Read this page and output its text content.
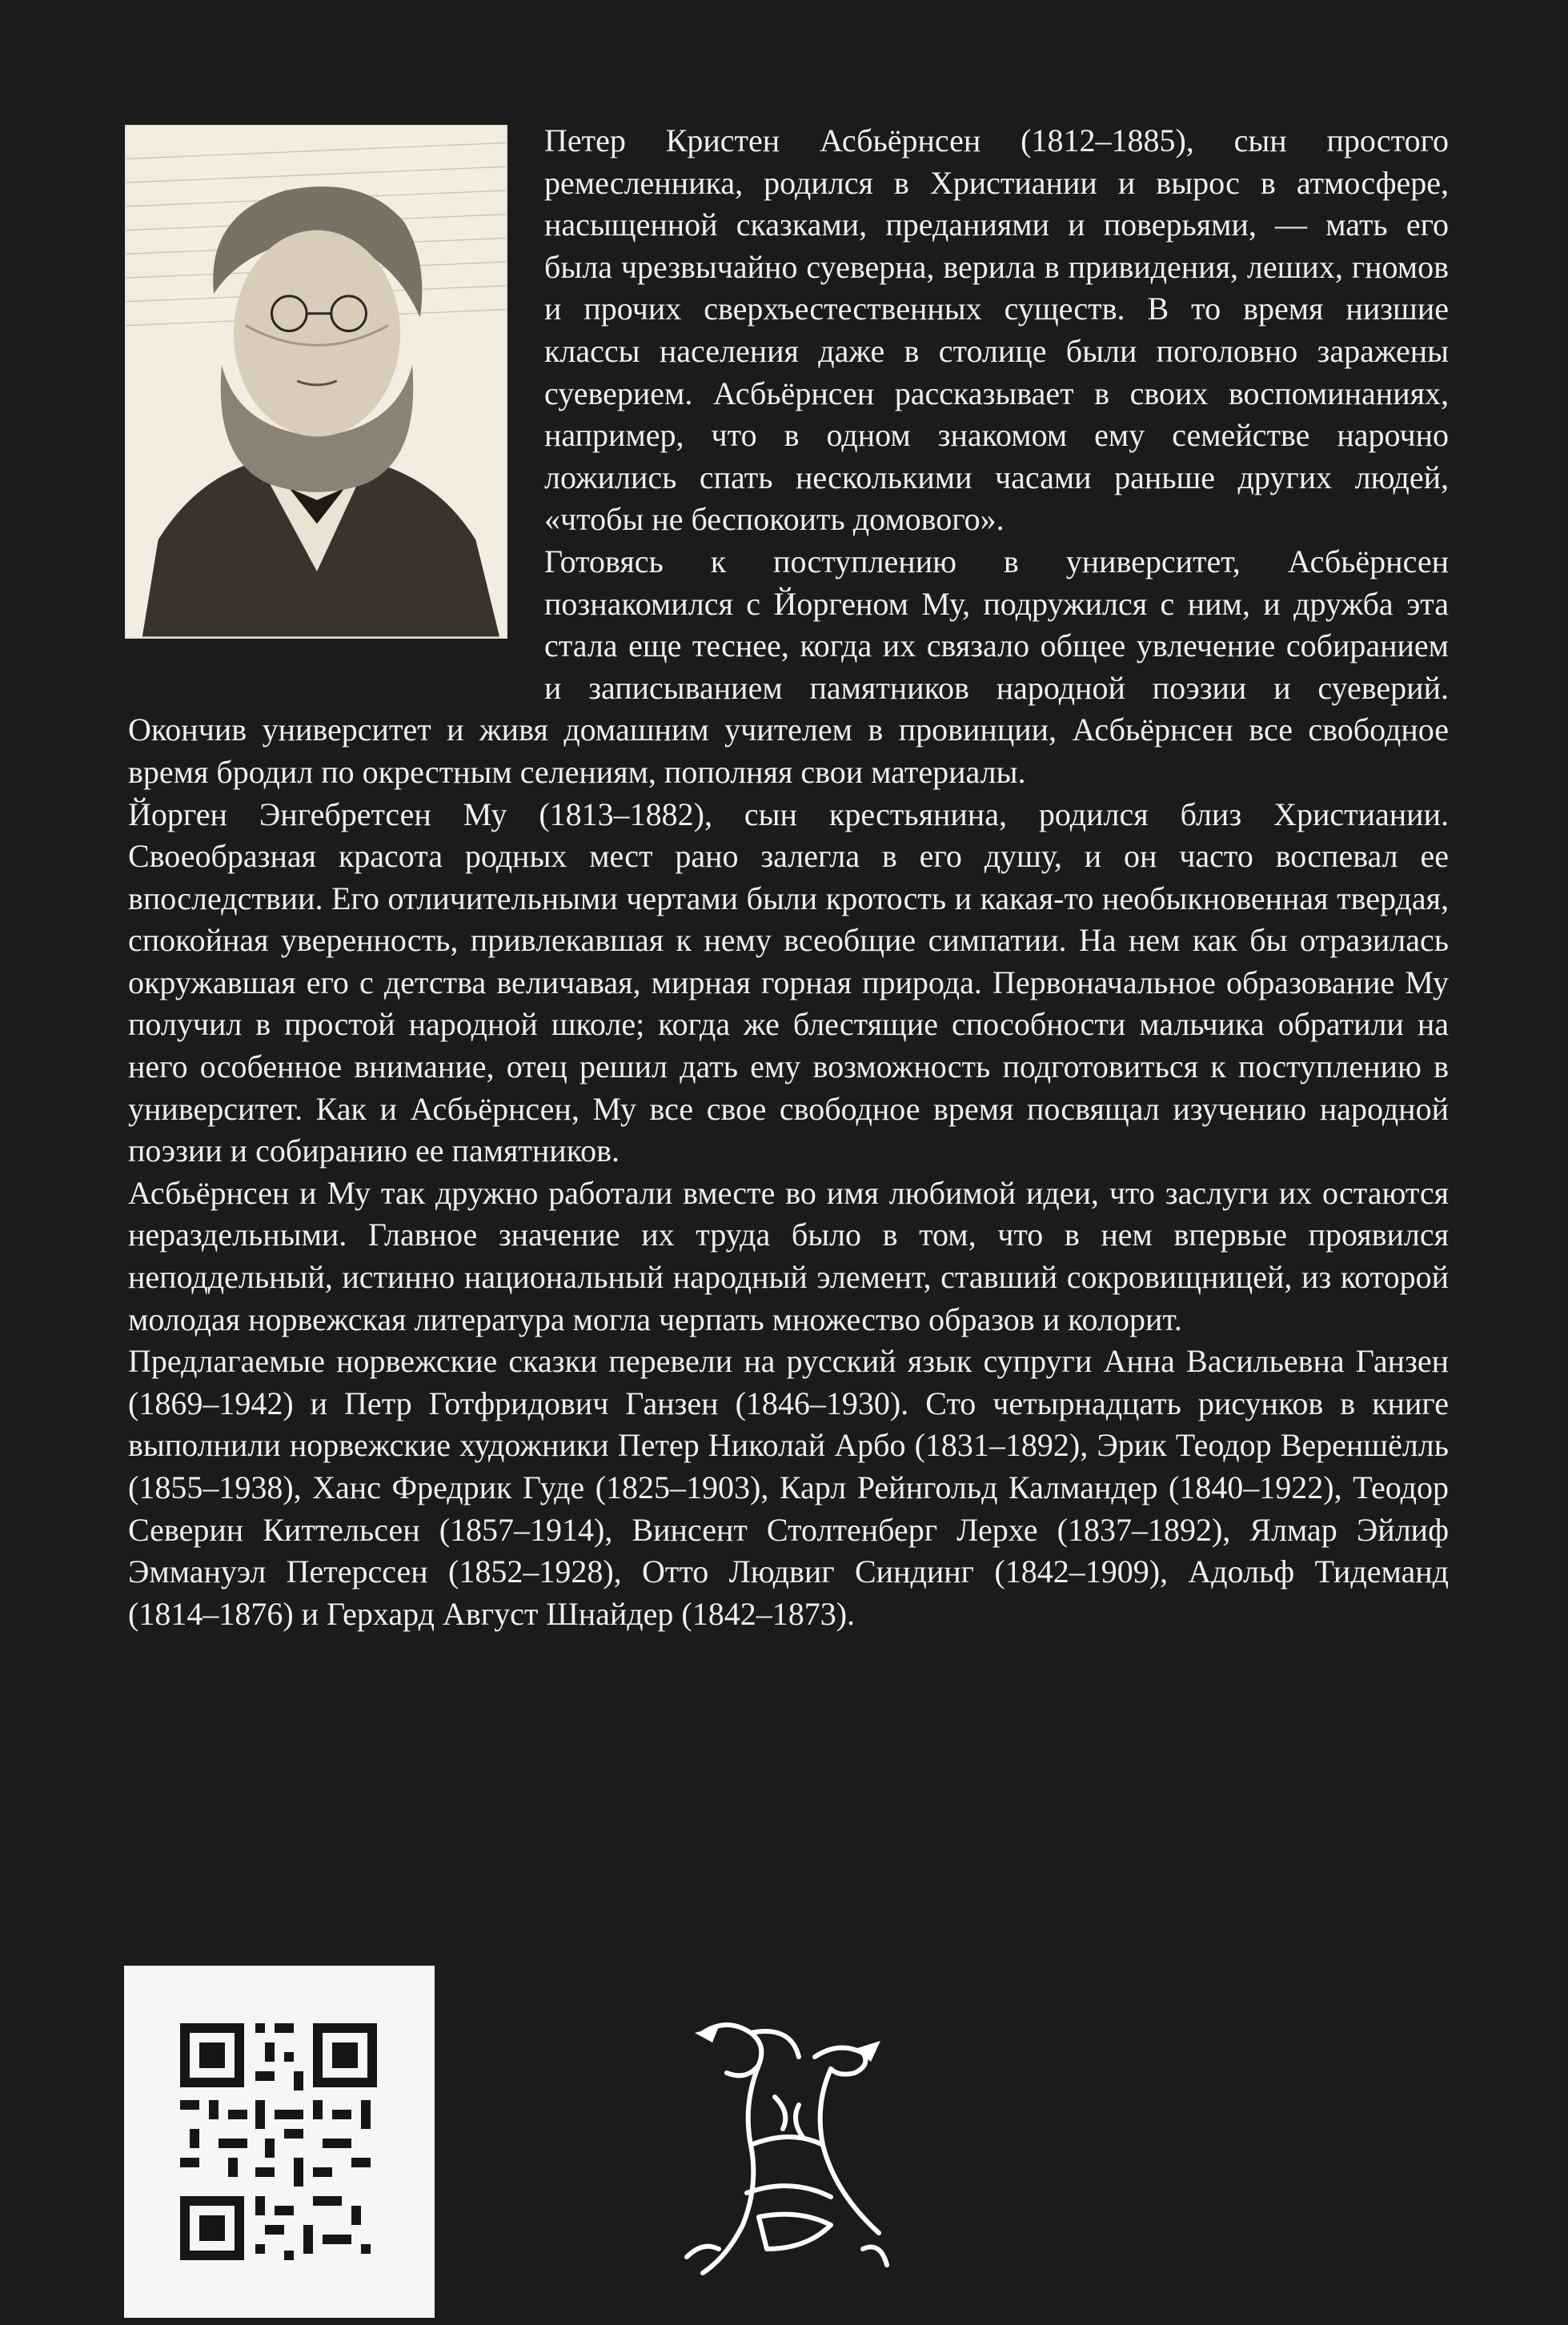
Петер Кристен Асбьёрнсен (1812–1885), сын простого ремесленника, родился в Христиании и вырос в атмосфере, насыщенной сказками, преданиями и поверьями, — мать его была чрезвычайно суеверна, верила в привидения, леших, гномов и прочих сверхъестественных существ. В то время низшие классы населения даже в столице были поголовно заражены суеверием. Асбьёрнсен рассказывает в своих воспоминаниях, например, что в одном знакомом ему семействе нарочно ложились спать несколькими часами раньше других людей, «чтобы не беспокоить домового».

Готовясь к поступлению в университет, Асбьёрнсен познакомился с Йоргеном Му, подружился с ним, и дружба эта стала еще теснее, когда их связало общее увлечение собиранием и записыванием памятников народной поэзии и суеверий. Окончив университет и живя домашним учителем в провинции, Асбьёрнсен все свободное время бродил по окрестным селениям, пополняя свои материалы.

Йорген Энгебретсен Му (1813–1882), сын крестьянина, родился близ Христиании. Своеобразная красота родных мест рано залегла в его душу, и он часто воспевал ее впоследствии. Его отличительными чертами были кротость и какая-то необыкновенная твердая, спокойная уверенность, привлекавшая к нему всеобщие симпатии. На нем как бы отразилась окружавшая его с детства величавая, мирная горная природа. Первоначальное образование Му получил в простой народной школе; когда же блестящие способности мальчика обратили на него особенное внимание, отец решил дать ему возможность подготовиться к поступлению в университет. Как и Асбьёрнсен, Му все свое свободное время посвящал изучению народной поэзии и собиранию ее памятников.

Асбьёрнсен и Му так дружно работали вместе во имя любимой идеи, что заслуги их остаются нераздельными. Главное значение их труда было в том, что в нем впервые проявился неподдельный, истинно национальный народный элемент, ставший сокровищницей, из которой молодая норвежская литература могла черпать множество образов и колорит.

Предлагаемые норвежские сказки перевели на русский язык супруги Анна Васильевна Ганзен (1869–1942) и Петр Готфридович Ганзен (1846–1930). Сто четырнадцать рисунков в книге выполнили норвежские художники Петер Николай Арбо (1831–1892), Эрик Теодор Вереншёлль (1855–1938), Ханс Фредрик Гуде (1825–1903), Карл Рейнгольд Калмандер (1840–1922), Теодор Северин Киттельсен (1857–1914), Винсент Столтенберг Лерхе (1837–1892), Ялмар Эйлиф Эммануэл Петерссен (1852–1928), Отто Людвиг Синдинг (1842–1909), Адольф Тидеманд (1814–1876) и Герхард Август Шнайдер (1842–1873).
